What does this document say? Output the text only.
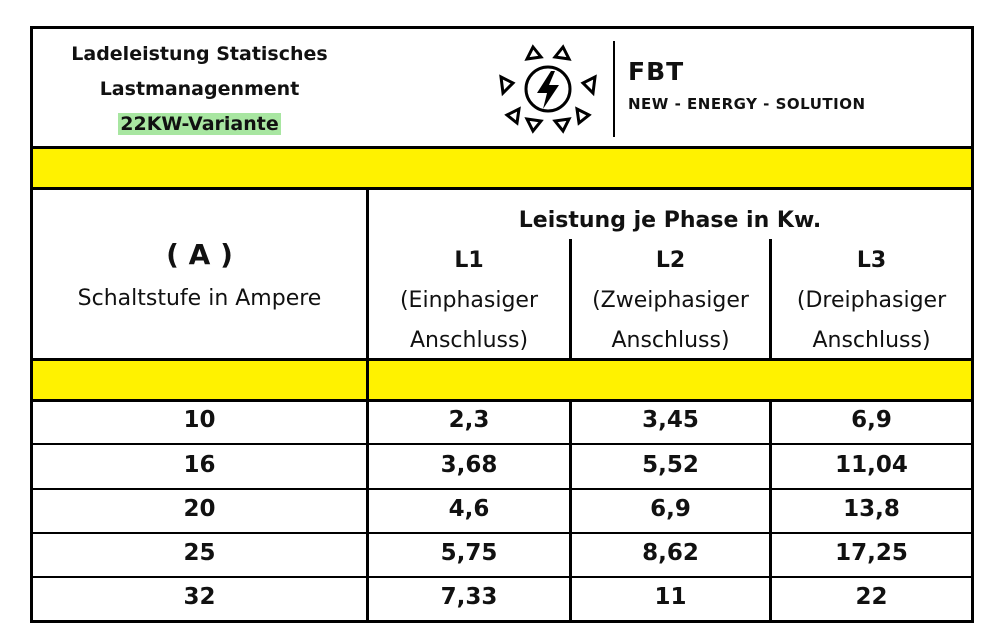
Ladeleistung Statisches
Lastmanagenment
22KW-Variante
FBT
NEW - ENERGY - SOLUTION
( A )
Schaltstufe in Ampere
Leistung je Phase in Kw.
L1
(Einphasiger
Anschluss)
L2
(Zweiphasiger
Anschluss)
L3
(Dreiphasiger
Anschluss)
10	2,3	3,45	6,9
16	3,68	5,52	11,04
20	4,6	6,9	13,8
25	5,75	8,62	17,25
32	7,33	11	22
